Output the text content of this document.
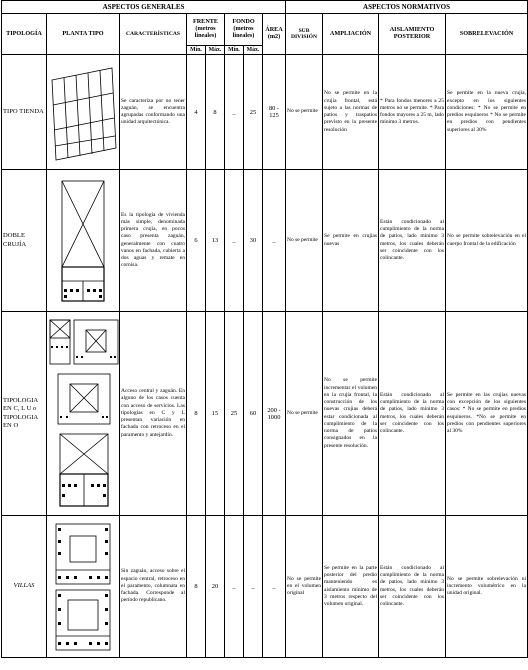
ASPECTOS GENERALES								ASPECTOS NORMATIVOS			
TIPOLOGÍA	PLANTA TIPO	CARACTERÍSTICAS	FRENTE (metros lineales)		FONDO (metros lineales)		ÁREA (m2)	SUB DIVISIÓN	AMPLIACIÓN	AISLAMIENTO POSTERIOR	SOBRELEVACIÓN
			Mín.	Máx.	Mín.	Máx.					
TIPO TIENDA		Se caracteriza por no tener zaguán, se encuentra agrupadas conformando una unidad arquitectónica.	4	8	_	25	80 - 125	No se permite	No se permite en la crujía frontal, está sujeto a las normas de patios y traspatios previsto en la presente resolución	* Para fondos menores a 25 metros no se permite. * Para fondos mayores a 25 m, lado mínimo 3 metros.	Se permite en la nueva crujía, excepto en los siguientes condiciones: * No se permite en predios esquineros * No se permite en predios con pendientes superiores al 30%
DOBLE CRUJÍA		Es la tipología de vivienda más simple, denominada primera crujía, en pocos caso presenta zaguán, generalmente con cuatro vanos en fachada, cubierta a dos aguas y remate en cornisa.	6	13	_	30	_	No se permite	Se permite en crujías nuevas	Están condicionado al cumplimiento de la norma de patios, lado mínimo 3 metros, los cuales deberán ser coincidente con los colincante.	No se permite sobrelevación en el cuerpo frontal de la edificación
TIPOLOGIA EN C, L U o TIPOLOGIA EN O		Acceso central y zaguán. En alguno de los casos cuenta con acceso de servicios. Las tipologías en C y L presentan variación en fachada con retroceso en el paramento y antejardín.	8	15	25	60	200 - 1000	No se permite	No se permite incrementar el volumen en la crujía frontal, la construcción de los nuevas crujías deberá estar condicionada al cumplimiento de la norma de patios consignados en la presente resolución.	Están condicionado al cumplimiento de la norma de patios, lado mínimo 3 metros, los cuales deberán ser coincidente con los colincante.	Se permite en las crujías nuevas con excepción de los siguientes casos: * No se permite en predios esquineros. *No se permite en predios con pendientes superiores al 30%
VILLAS		Sin zaguán, acceso sobre el espacio central, retroceso en el paramento, columnata en fachada. Corresponde al período republicano.	8	20	_	_	_	No se permite en el volumen original	Se permite en la parte posterior del predio manteniendo es aislamiento mínimo de 3 metros respecto del volumen original.	Están condicionado al cumplimiento de la norma de patios, lado mínimo 3 metros, los cuales deberán ser coincidente con los colincante.	No se permite sobrelevación ni incremento volumétrico en la unidad original.
